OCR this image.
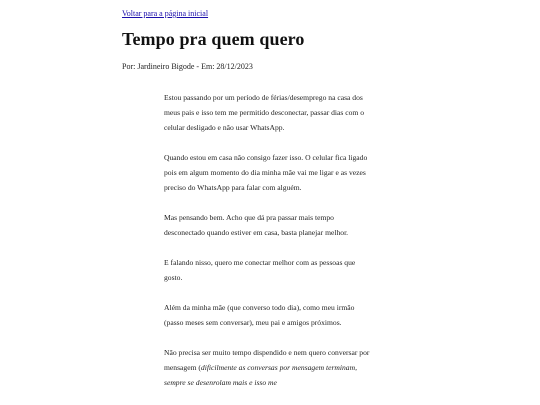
Voltar para a página inicial
Tempo pra quem quero
Por: Jardineiro Bigode - Em: 28/12/2023

Estou passando por um período de férias/desemprego na casa dos meus pais e isso tem me permitido desconectar, passar dias com o celular desligado e não usar WhatsApp.

Quando estou em casa não consigo fazer isso. O celular fica ligado pois em algum momento do dia minha mãe vai me ligar e as vezes preciso do WhatsApp para falar com alguém.

Mas pensando bem. Acho que dá pra passar mais tempo desconectado quando estiver em casa, basta planejar melhor.

E falando nisso, quero me conectar melhor com as pessoas que gosto.

Além da minha mãe (que converso todo dia), como meu irmão (passo meses sem conversar), meu pai e amigos próximos.

Não precisa ser muito tempo dispendido e nem quero conversar por mensagem (dificilmente as conversas por mensagem terminam, sempre se desenrolam mais e isso me
